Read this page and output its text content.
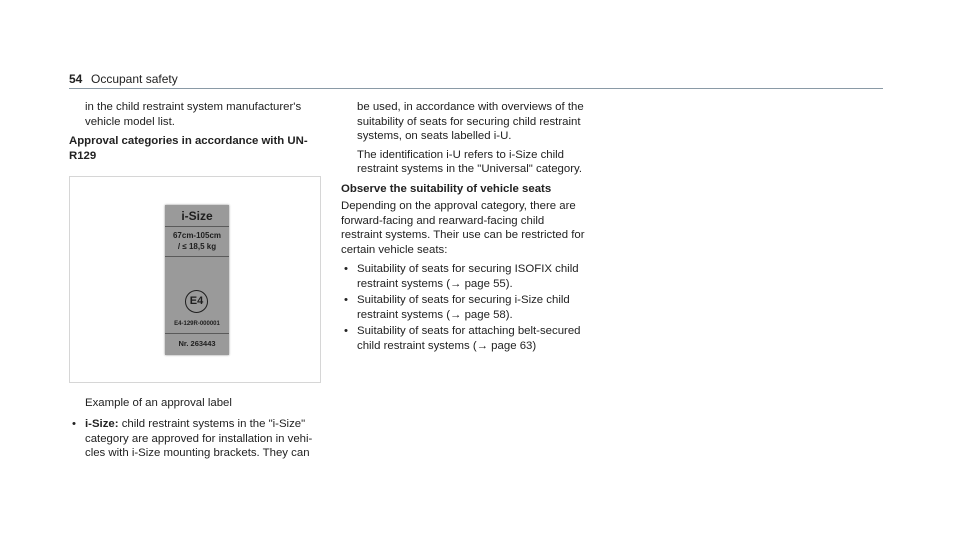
54 Occupant safety

in the child restraint system manufacturer's

vehicle model list.

Approval categories in accordance with UN-

R129

i-Size
67cm-105cm
/ ≤ 18,5 kg
E4
E4-129R-000001
Nr. 263443
Example of an approval label
• i-Size: child restraint systems in the "i-Size"
category are approved for installation in vehi-
cles with i-Size mounting brackets. They can

be used, in accordance with overviews of the

suitability of seats for securing child restraint

systems, on seats labelled i-U.

The identification i-U refers to i-Size child

restraint systems in the "Universal" category.

Observe the suitability of vehicle seats

Depending on the approval category, there are

forward-facing and rearward-facing child

restraint systems. Their use can be restricted for

certain vehicle seats:

• Suitability of seats for securing ISOFIX child
restraint systems (→ page 55).
• Suitability of seats for securing i-Size child
restraint systems (→ page 58).
• Suitability of seats for attaching belt-secured
child restraint systems (→ page 63)
